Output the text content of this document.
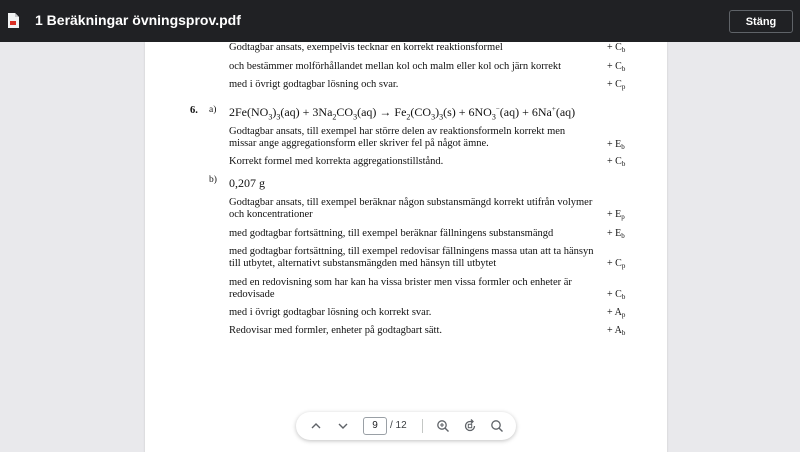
1 Beräkningar övningsprov.pdf	Stäng
Godtagbar ansats, exempelvis tecknar en korrekt reaktionsformel	+ $C_b$
och bestämmer molförhållandet mellan kol och malm eller kol och järn korrekt	+ $C_b$
med i övrigt godtagbar lösning och svar.	+ $C_p$
6. a) $2Fe(NO_3)_3(aq) + 3Na_2CO_3(aq) \to Fe_2(CO_3)_3(s) + 6NO_3^-(aq) + 6Na^+(aq)$
Godtagbar ansats, till exempel har större delen av reaktionsformeln korrekt men
missar ange aggregationsform eller skriver fel på något ämne.	+ $E_b$
Korrekt formel med korrekta aggregationstillstånd.	+ $C_b$
b) 0,207 g
Godtagbar ansats, till exempel beräknar någon substansmängd korrekt utifrån volymer
och koncentrationer	+ $E_p$
med godtagbar fortsättning, till exempel beräknar fällningens substansmängd	+ $E_b$
med godtagbar fortsättning, till exempel redovisar fällningens massa utan att ta hänsyn
till utbytet, alternativt substansmängden med hänsyn till utbytet	+ $C_p$
med en redovisning som har kan ha vissa brister men vissa formler och enheter är
redovisade	+ $C_b$
med i övrigt godtagbar lösning och korrekt svar.	+ $A_p$
Redovisar med formler, enheter på godtagbart sätt.	+ $A_b$
9	/ 12
